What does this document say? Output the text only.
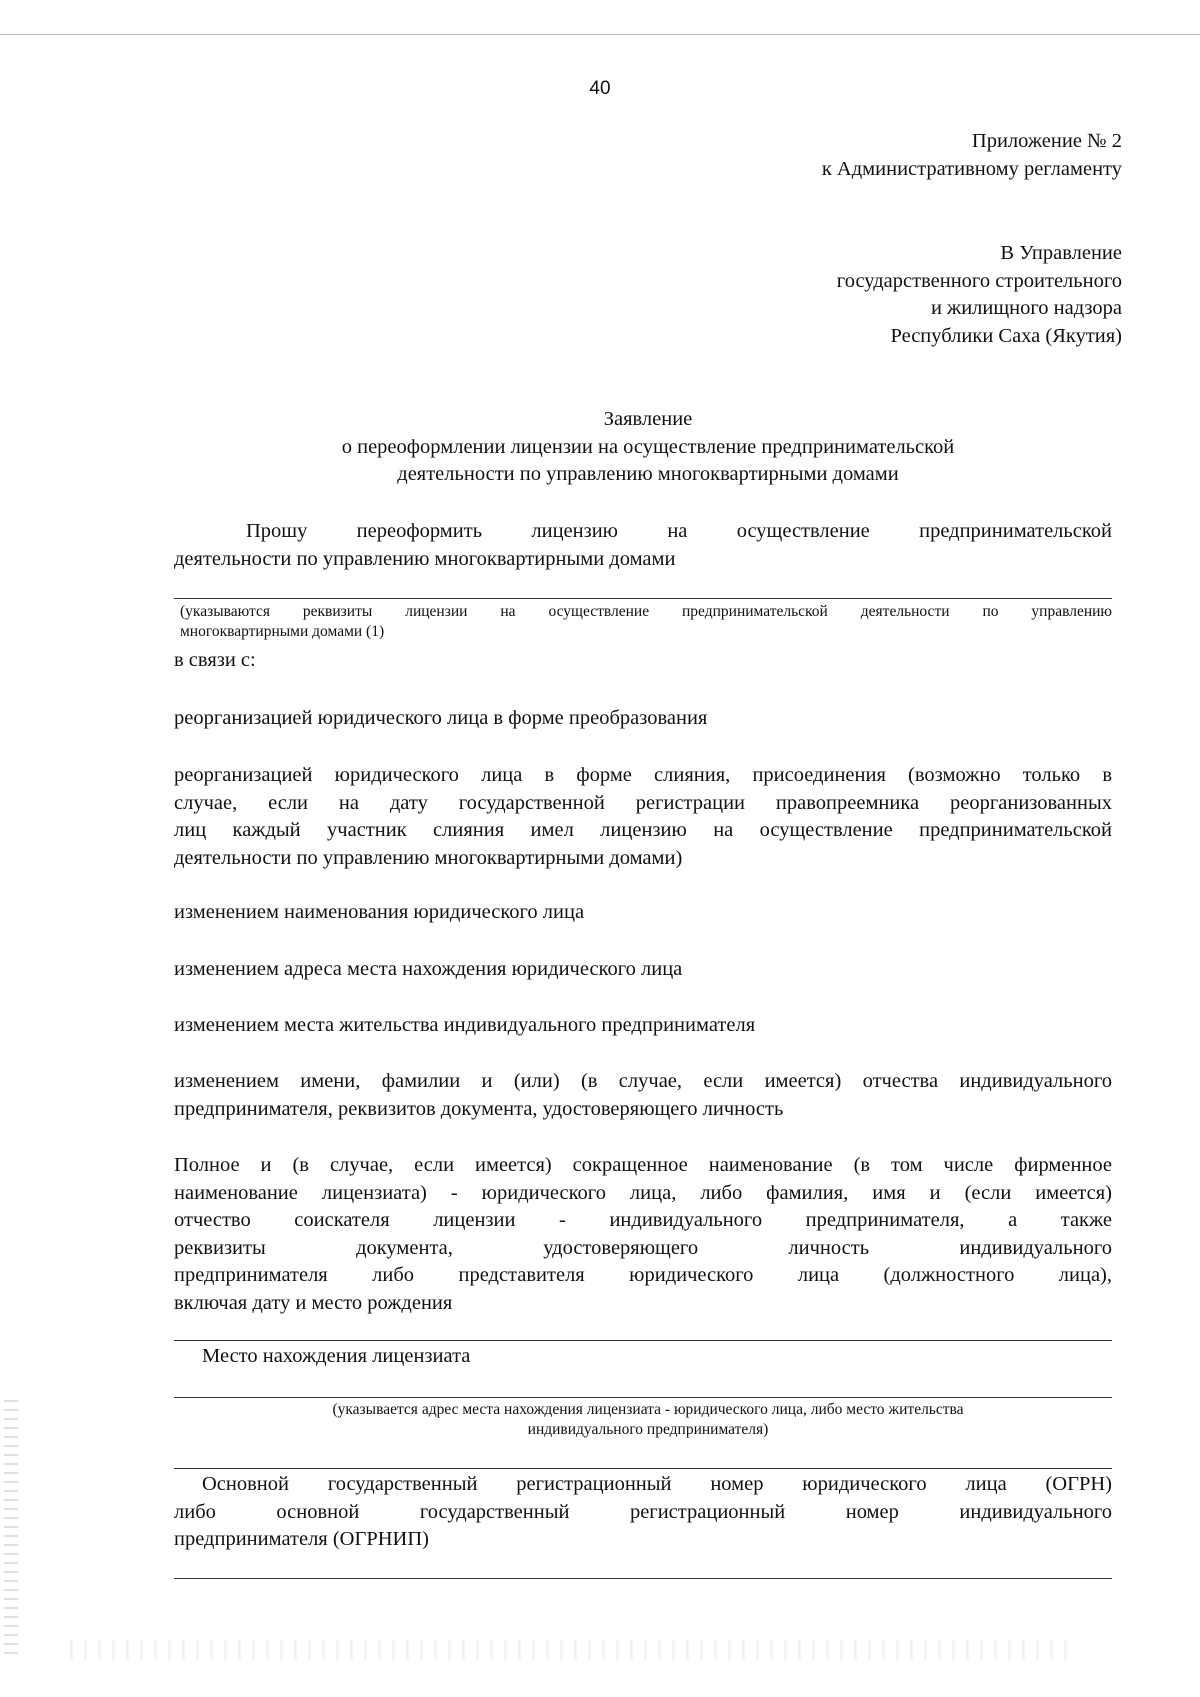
40
Приложение № 2
к Административному регламенту
В Управление
государственного строительного
и жилищного надзора
Республики Саха (Якутия)
Заявление
о переоформлении лицензии на осуществление предпринимательской
деятельности по управлению многоквартирными домами
Прошу переоформить лицензию на осуществление предпринимательской
деятельности по управлению многоквартирными домами
(указываются реквизиты лицензии на осуществление предпринимательской деятельности по управлению
многоквартирными домами (1)
в связи с:
реорганизацией юридического лица в форме преобразования
реорганизацией юридического лица в форме слияния, присоединения (возможно только в
случае, если на дату государственной регистрации правопреемника реорганизованных
лиц каждый участник слияния имел лицензию на осуществление предпринимательской
деятельности по управлению многоквартирными домами)
изменением наименования юридического лица
изменением адреса места нахождения юридического лица
изменением места жительства индивидуального предпринимателя
изменением имени, фамилии и (или) (в случае, если имеется) отчества индивидуального
предпринимателя, реквизитов документа, удостоверяющего личность
Полное и (в случае, если имеется) сокращенное наименование (в том числе фирменное
наименование лицензиата) - юридического лица, либо фамилия, имя и (если имеется)
отчество соискателя лицензии - индивидуального предпринимателя, а также
реквизиты документа, удостоверяющего личность индивидуального
предпринимателя либо представителя юридического лица (должностного лица),
включая дату и место рождения
Место нахождения лицензиата
(указывается адрес места нахождения лицензиата - юридического лица, либо место жительства
индивидуального предпринимателя)
Основной государственный регистрационный номер юридического лица (ОГРН)
либо основной государственный регистрационный номер индивидуального
предпринимателя (ОГРНИП)
